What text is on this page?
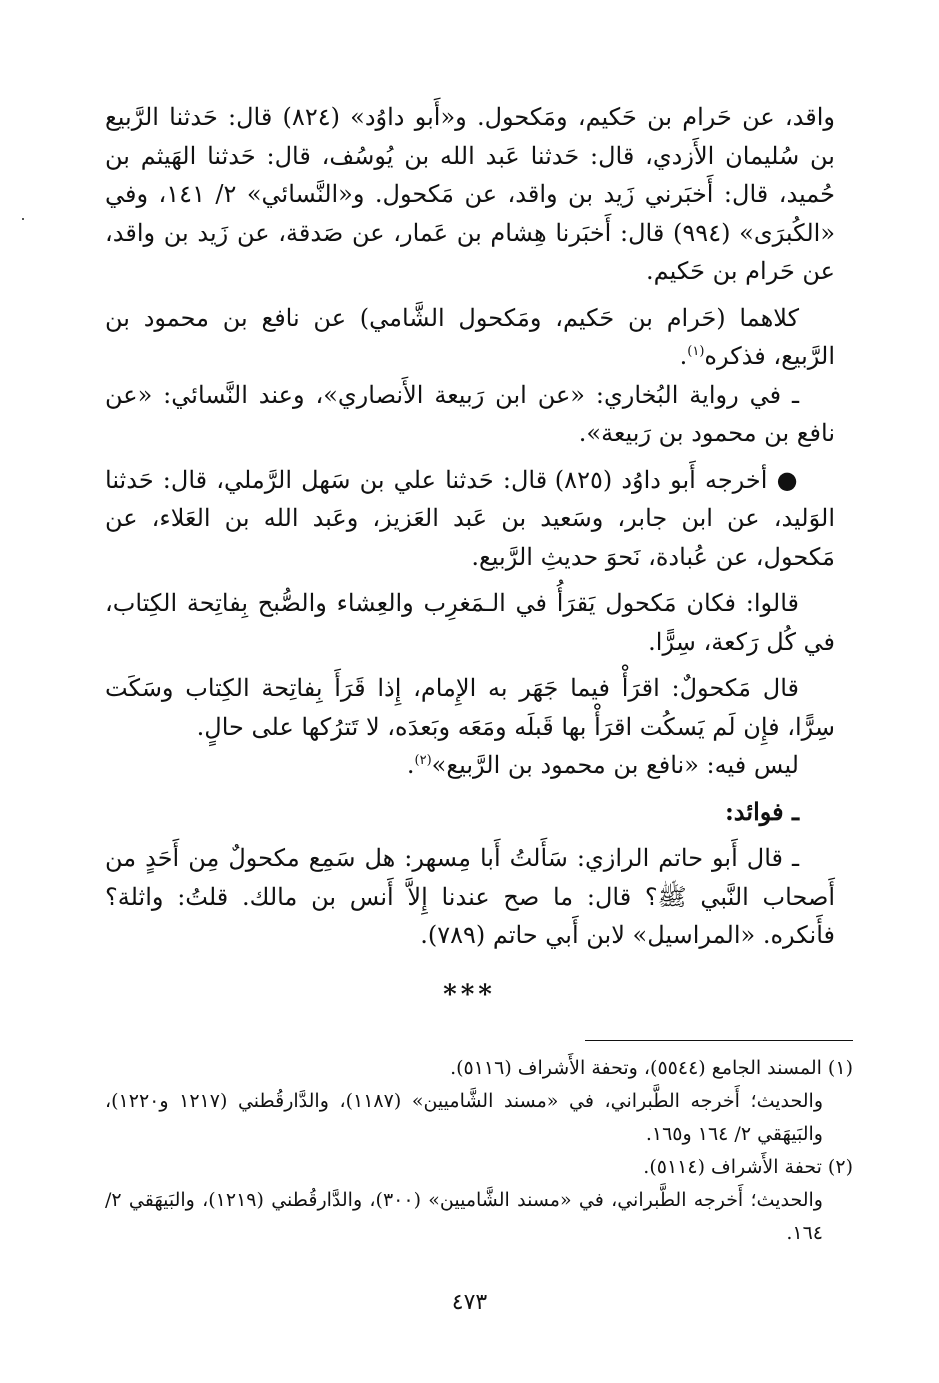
واقد، عن حَرام بن حَكيم، ومَكحول. و«أَبو داوُد» (٨٢٤) قال: حَدثنا الرَّبيع بن سُليمان الأَزدي، قال: حَدثنا عَبد الله بن يُوسُف، قال: حَدثنا الهَيثم بن حُميد، قال: أَخبَرني زَيد بن واقد، عن مَكحول. و«النَّسائي» ٢/ ١٤١، وفي «الكُبرَى» (٩٩٤) قال: أَخبَرنا هِشام بن عَمار، عن صَدقة، عن زَيد بن واقد، عن حَرام بن حَكيم.

كلاهما (حَرام بن حَكيم، ومَكحول الشَّامي) عن نافع بن محمود بن الرَّبيع، فذكره$^{(١)}$.

ـ في رواية البُخاري: «عن ابن رَبيعة الأَنصاري»، وعند النَّسائي: «عن نافع بن محمود بن رَبيعة».

● أخرجه أَبو داوُد (٨٢٥) قال: حَدثنا علي بن سَهل الرَّملي، قال: حَدثنا الوَليد، عن ابن جابر، وسَعيد بن عَبد العَزيز، وعَبد الله بن العَلاء، عن مَكحول، عن عُبادة، نَحوَ حديثِ الرَّبيع.

قالوا: فكان مَكحول يَقرَأُ في الـمَغرِب والعِشاء والصُّبح بِفاتِحة الكِتاب، في كُل رَكعة، سِرًّا.

قال مَكحولٌ: اقرَأْ فيما جَهَر به الإِمام، إِذا قَرَأَ بِفاتِحة الكِتاب وسَكَت سِرًّا، فإِن لَم يَسكُت اقرَأْ بها قَبلَه ومَعَه وبَعدَه، لا تَترُكها على حالٍ.

ليس فيه: «نافع بن محمود بن الرَّبيع»$^{(٢)}$.

ـ فوائد:

ـ قال أَبو حاتم الرازي: سَأَلتُ أَبا مِسهر: هل سَمِع مكحولٌ مِن أَحَدٍ من أَصحاب النَّبي ﷺ؟ قال: ما صح عندنا إِلاَّ أَنس بن مالك. قلتُ: واثلة؟ فأَنكره. «المراسيل» لابن أَبي حاتم (٧٨٩).

***

(١) المسند الجامع (٥٥٤٤)، وتحفة الأَشراف (٥١١٦).

والحديث؛ أَخرجه الطَّبراني، في «مسند الشَّاميين» (١١٨٧)، والدَّارقُطني (١٢١٧ و١٢٢٠)، والبَيهَقي ٢/ ١٦٤ و١٦٥.

(٢) تحفة الأَشراف (٥١١٤).

والحديث؛ أَخرجه الطَّبراني، في «مسند الشَّاميين» (٣٠٠)، والدَّارقُطني (١٢١٩)، والبَيهَقي ٢/ ١٦٤.

٤٧٣
